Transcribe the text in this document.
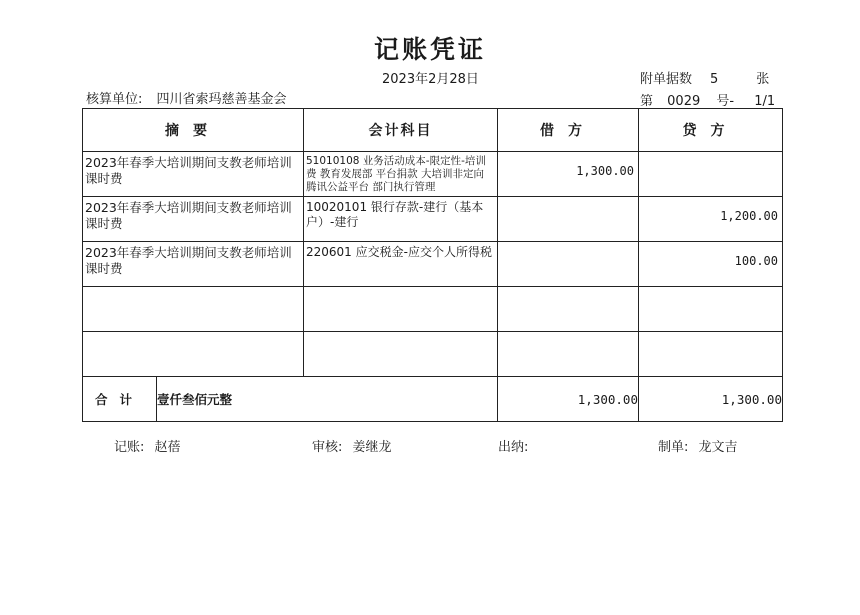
记账凭证
2023年2月28日	附单据数 5	张
核算单位: 四川省索玛慈善基金会	第 0029 号- 1/1
摘要		会计科目	借方	贷方

2023年春季大培训期间支教老师培训课时费		51010108 业务活动成本-限定性-培训费 教育发展部 平台捐款 大培训非定向 腾讯公益平台 部门执行管理	1,300.00	

2023年春季大培训期间支教老师培训课时费		10020101 银行存款-建行（基本户）-建行		1,200.00

2023年春季大培训期间支教老师培训课时费		220601 应交税金-应交个人所得税		100.00

合计	壹仟叁佰元整		1,300.00	1,300.00
记账: 赵蓓	审核: 姜继龙	出纳:	制单: 龙文吉
